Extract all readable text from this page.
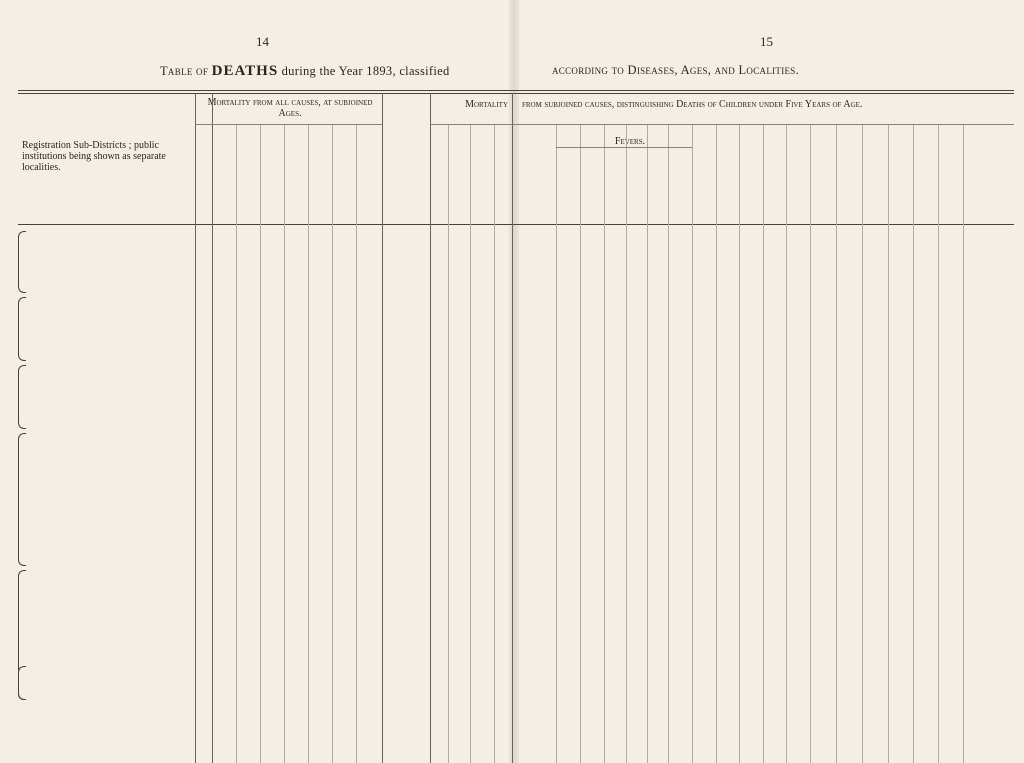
14	15
Table of DEATHS during the Year 1893, classified	according to Diseases, Ages, and Localities.
Registration Sub-Districts ; public institutions being shown as separate localities.
Mortality from all causes, at subjoined Ages.
Mortality from subjoined causes, distinguishing Deaths of Children under Five Years of Age.
Fevers.
